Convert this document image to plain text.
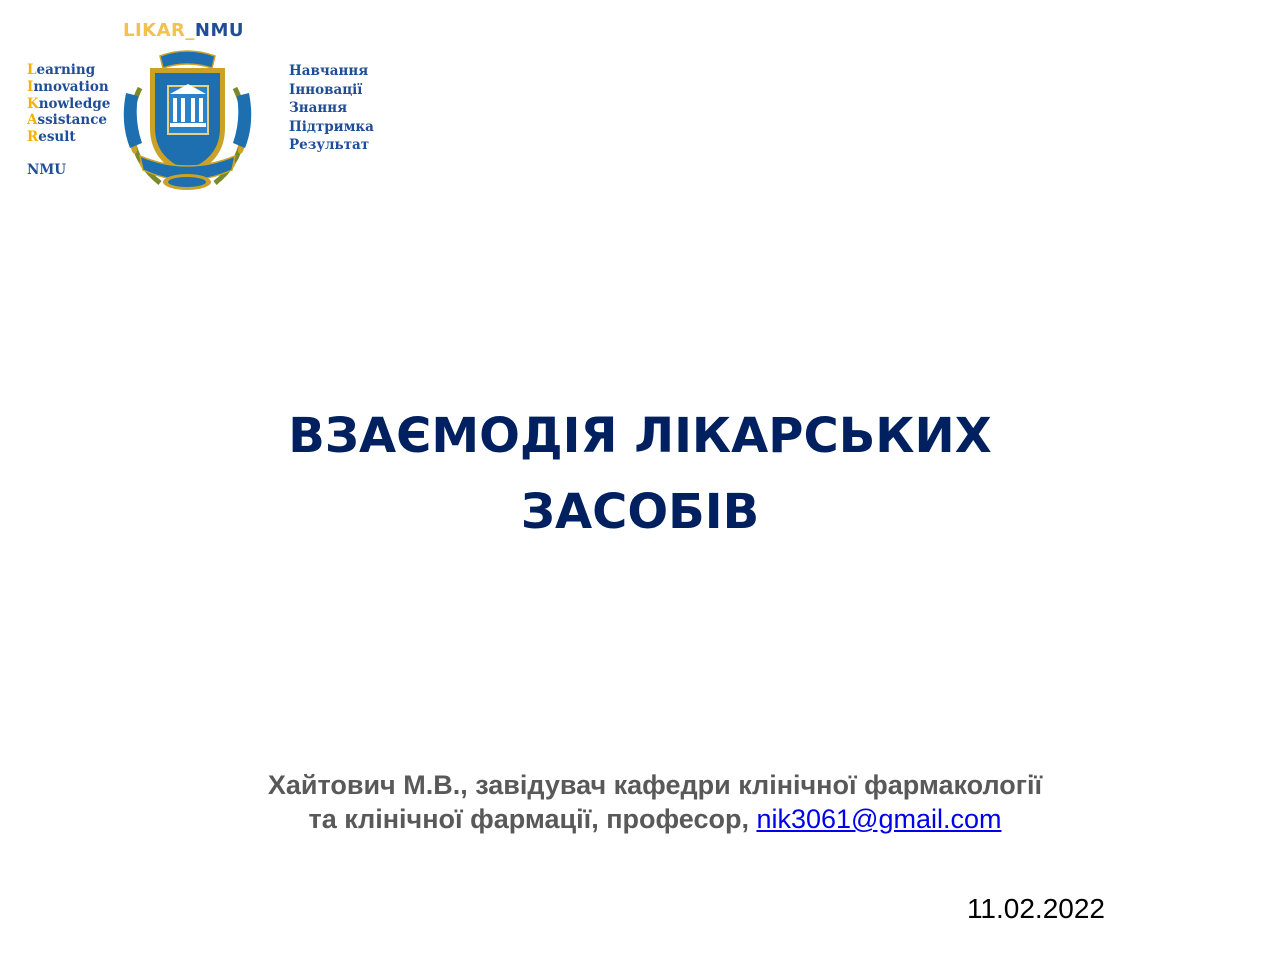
LIKAR_NMU
Learning
Innovation
Knowledge
Assistance
Result
NMU
Навчання
Інновації
Знання
Підтримка
Результат
ВЗАЄМОДІЯ ЛІКАРСЬКИХ
ЗАСОБІВ
Хайтович М.В., завідувач кафедри клінічної фармакології
та клінічної фармації, професор, nik3061@gmail.com
11.02.2022
